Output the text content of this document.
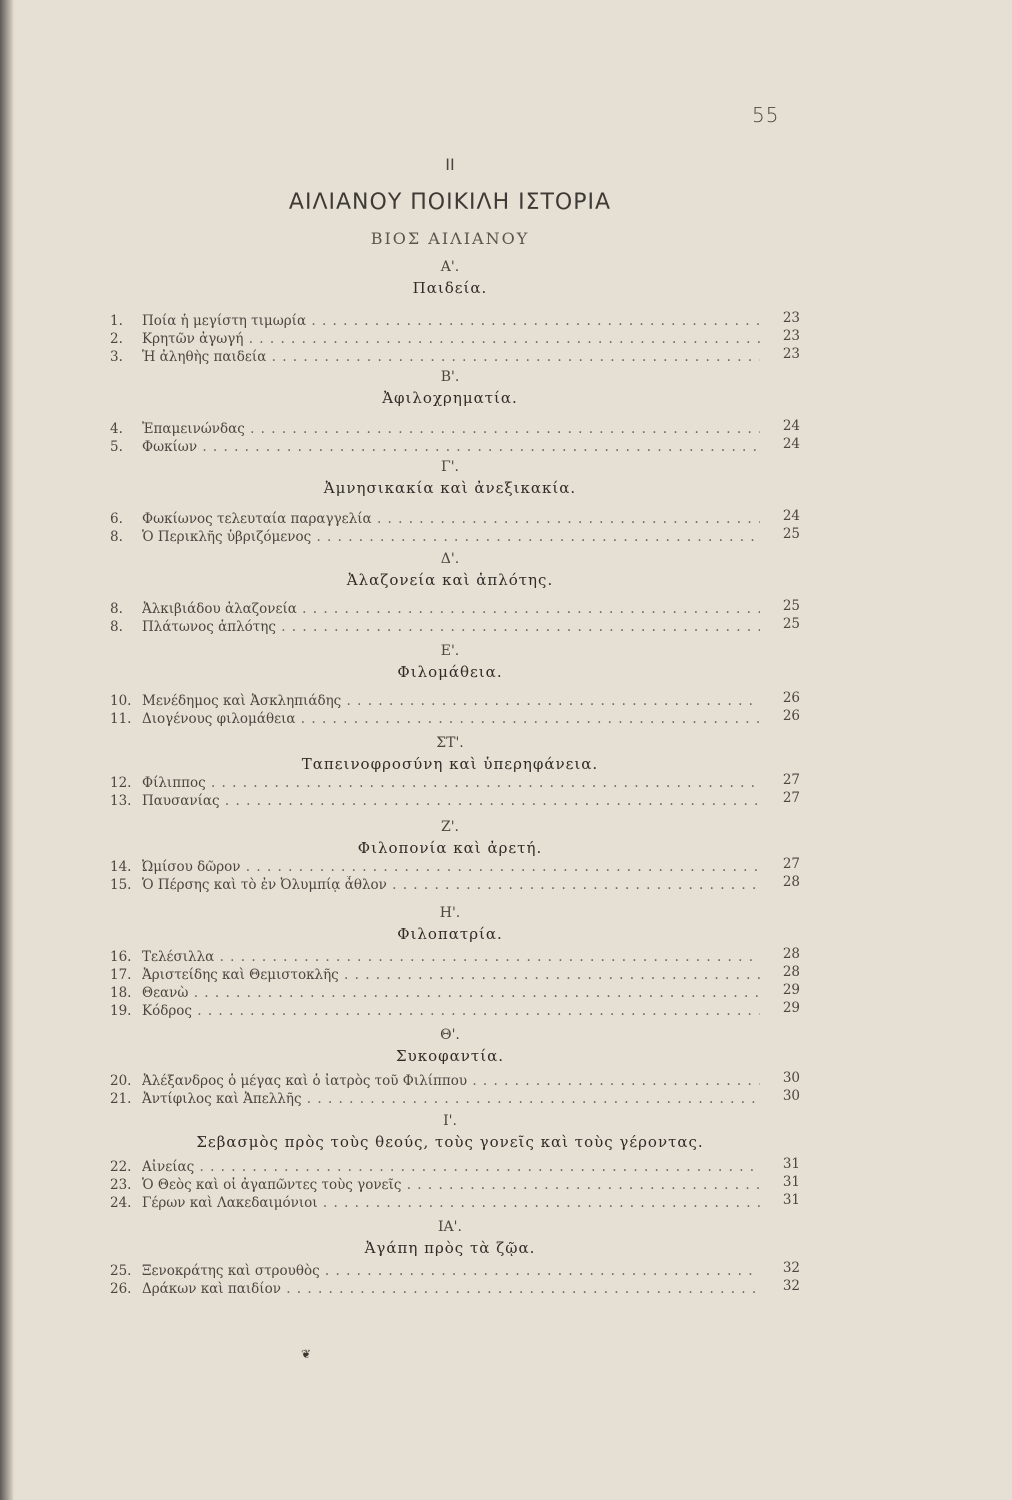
55
II
ΑΙΛΙΑΝΟΥ ΠΟΙΚΙΛΗ ΙΣΤΟΡΙΑ
ΒΙΟΣ ΑΙΛΙΑΝΟΥ
Α'.
Παιδεία.
1.	Ποία ἡ μεγίστη τιμωρία . . .	23
2.	Κρητῶν ἀγωγή . . .	23
3.	Ἡ ἀληθὴς παιδεία . . .	23
Β'.
Ἀφιλοχρηματία.
4.	Ἐπαμεινώνδας . . .	24
5.	Φωκίων . . .	24
Γ'.
Ἀμνησικακία καὶ ἀνεξικακία.
6.	Φωκίωνος τελευταία παραγγελία . . .	24
8.	Ὁ Περικλῆς ὑβριζόμενος . . .	25
Δ'.
Ἀλαζονεία καὶ ἁπλότης.
8.	Ἀλκιβιάδου ἀλαζονεία . . .	25
8.	Πλάτωνος ἁπλότης . . .	25
Ε'.
Φιλομάθεια.
10. Μενέδημος καὶ Ἀσκληπιάδης . . .	26
11. Διογένους φιλομάθεια . . .	26
ΣΤ'.
Ταπεινοφροσύνη καὶ ὑπερηφάνεια.
12. Φίλιππος . . .	27
13. Παυσανίας . . .	27
Ζ'.
Φιλοπονία καὶ ἀρετή.
14. Ὠμίσου δῶρον . . .	27
15. Ὁ Πέρσης καὶ τὸ ἐν Ὀλυμπίᾳ ἆθλον . . .	28
Η'.
Φιλοπατρία.
16. Τελέσιλλα . . .	28
17. Ἀριστείδης καὶ Θεμιστοκλῆς . . .	28
18. Θεανὼ . . .	29
19. Κόδρος . . .	29
Θ'.
Συκοφαντία.
20. Ἀλέξανδρος ὁ μέγας καὶ ὁ ἰατρὸς τοῦ Φιλίππου . . .	30
21. Ἀντίφιλος καὶ Ἀπελλῆς . . .	30
Ι'.
Σεβασμὸς πρὸς τοὺς θεούς, τοὺς γονεῖς καὶ τοὺς γέροντας.
22. Αἰνείας . . .	31
23. Ὁ Θεὸς καὶ οἱ ἀγαπῶντες τοὺς γονεῖς . . .	31
24. Γέρων καὶ Λακεδαιμόνιοι . . .	31
ΙΑ'.
Ἀγάπη πρὸς τὰ ζῷα.
25. Ξενοκράτης καὶ στρουθὸς . . .	32
26. Δράκων καὶ παιδίον . . .	32
❦
